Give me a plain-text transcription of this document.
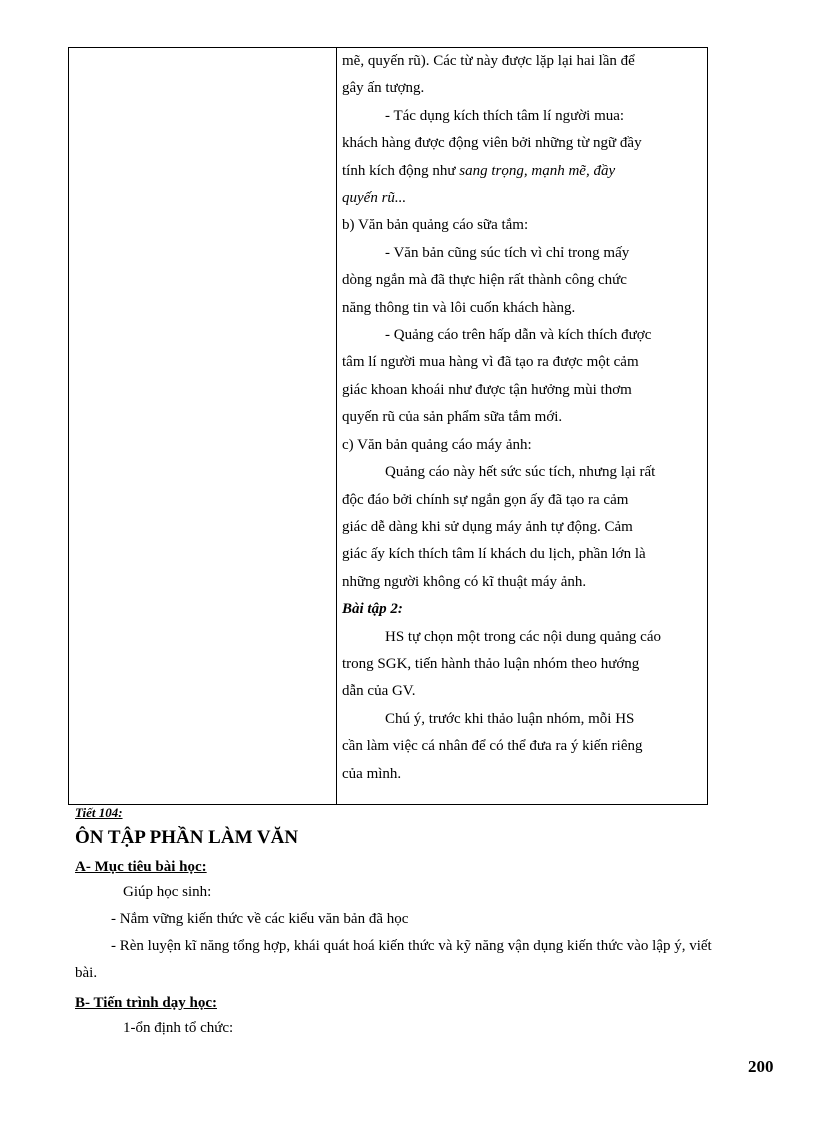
mẽ, quyến rũ). Các từ này được lặp lại hai lần để

gây ấn tượng.

- Tác dụng kích thích tâm lí người mua:

khách hàng được động viên bởi những từ ngữ đầy

tính kích động như sang trọng, mạnh mẽ, đầy

quyến rũ...

b) Văn bản quảng cáo sữa tắm:

- Văn bản cũng súc tích vì chỉ trong mấy

dòng ngắn mà đã thực hiện rất thành công chức

năng thông tin và lôi cuốn khách hàng.

- Quảng cáo trên hấp dẫn và kích thích được

tâm lí người mua hàng vì đã tạo ra được một cảm

giác khoan khoái như được tận hưởng mùi thơm

quyến rũ của sản phẩm sữa tắm mới.

c) Văn bản quảng cáo máy ảnh:

Quảng cáo này hết sức súc tích, nhưng lại rất

độc đáo bởi chính sự ngắn gọn ấy đã tạo ra cảm

giác dễ dàng khi sử dụng máy ảnh tự động. Cảm

giác ấy kích thích tâm lí khách du lịch, phần lớn là

những người không có kĩ thuật máy ảnh.

Bài tập 2:

HS tự chọn một trong các nội dung quảng cáo

trong SGK, tiến hành thảo luận nhóm theo hướng

dẫn của GV.

Chú ý, trước khi thảo luận nhóm, mỗi HS

cần làm việc cá nhân để có thể đưa ra ý kiến riêng

của mình.

Tiết 104:
ÔN TẬP PHẦN LÀM VĂN
A- Mục tiêu bài học:
Giúp học sinh:
- Nắm vững kiến thức về các kiểu văn bản đã học
- Rèn luyện kĩ năng tổng hợp, khái quát hoá kiến thức và kỹ năng vận dụng kiến thức vào lập ý, viết
bài.
B- Tiến trình dạy học:
1-ổn định tổ chức:
200
